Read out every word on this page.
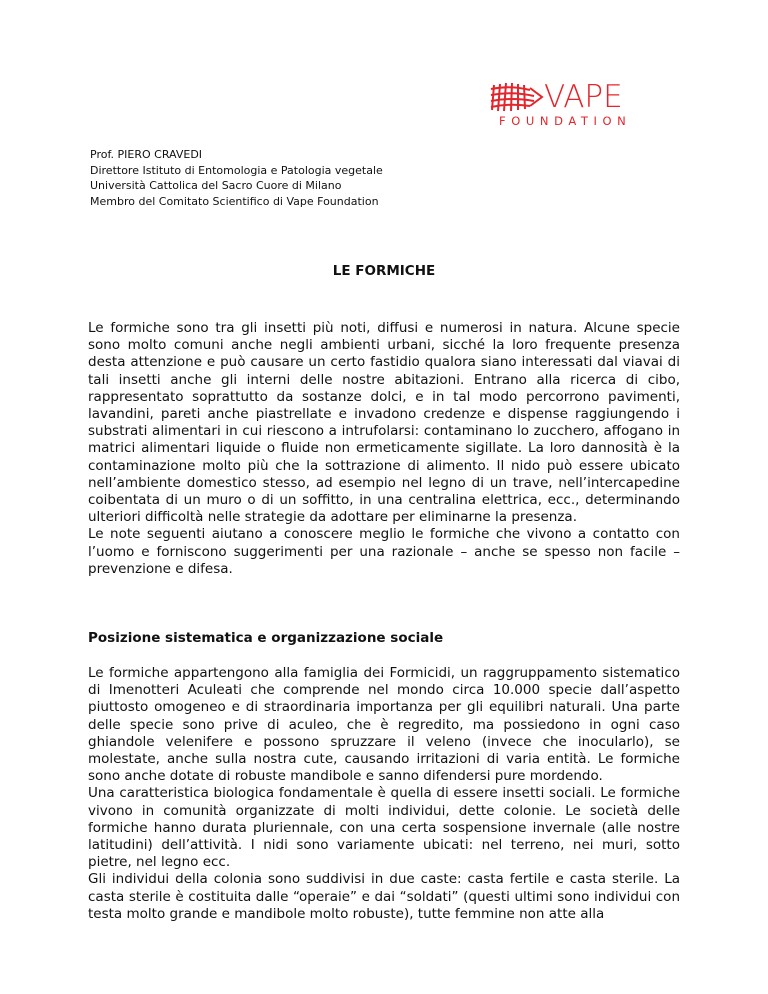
VAPE
FOUNDATION
Prof. PIERO CRAVEDI
Direttore Istituto di Entomologia e Patologia vegetale
Università Cattolica del Sacro Cuore di Milano
Membro del Comitato Scientifico di Vape Foundation
LE FORMICHE

Le formiche sono tra gli insetti più noti, diffusi e numerosi in natura. Alcune specie sono molto comuni anche negli ambienti urbani, sicché la loro frequente presenza desta attenzione e può causare un certo fastidio qualora siano interessati dal viavai di tali insetti anche gli interni delle nostre abitazioni. Entrano alla ricerca di cibo, rappresentato soprattutto da sostanze dolci, e in tal modo percorrono pavimenti, lavandini, pareti anche piastrellate e invadono credenze e dispense raggiungendo i substrati alimentari in cui riescono a intrufolarsi: contaminano lo zucchero, affogano in matrici alimentari liquide o fluide non ermeticamente sigillate. La loro dannosità è la contaminazione molto più che la sottrazione di alimento. Il nido può essere ubicato nell’ambiente domestico stesso, ad esempio nel legno di un trave, nell’intercapedine coibentata di un muro o di un soffitto, in una centralina elettrica, ecc., determinando ulteriori difficoltà nelle strategie da adottare per eliminarne la presenza.

Le note seguenti aiutano a conoscere meglio le formiche che vivono a contatto con l’uomo e forniscono suggerimenti per una razionale – anche se spesso non facile – prevenzione e difesa.

Posizione sistematica e organizzazione sociale

Le formiche appartengono alla famiglia dei Formicidi, un raggruppamento sistematico di Imenotteri Aculeati che comprende nel mondo circa 10.000 specie dall’aspetto piuttosto omogeneo e di straordinaria importanza per gli equilibri naturali. Una parte delle specie sono prive di aculeo, che è regredito, ma possiedono in ogni caso ghiandole velenifere e possono spruzzare il veleno (invece che inocularlo), se molestate, anche sulla nostra cute, causando irritazioni di varia entità. Le formiche sono anche dotate di robuste mandibole e sanno difendersi pure mordendo.

Una caratteristica biologica fondamentale è quella di essere insetti sociali. Le formiche vivono in comunità organizzate di molti individui, dette colonie. Le società delle formiche hanno durata pluriennale, con una certa sospensione invernale (alle nostre latitudini) dell’attività. I nidi sono variamente ubicati: nel terreno, nei muri, sotto pietre, nel legno ecc.

Gli individui della colonia sono suddivisi in due caste: casta fertile e casta sterile. La casta sterile è costituita dalle “operaie” e dai “soldati” (questi ultimi sono individui con testa molto grande e mandibole molto robuste), tutte femmine non atte alla
